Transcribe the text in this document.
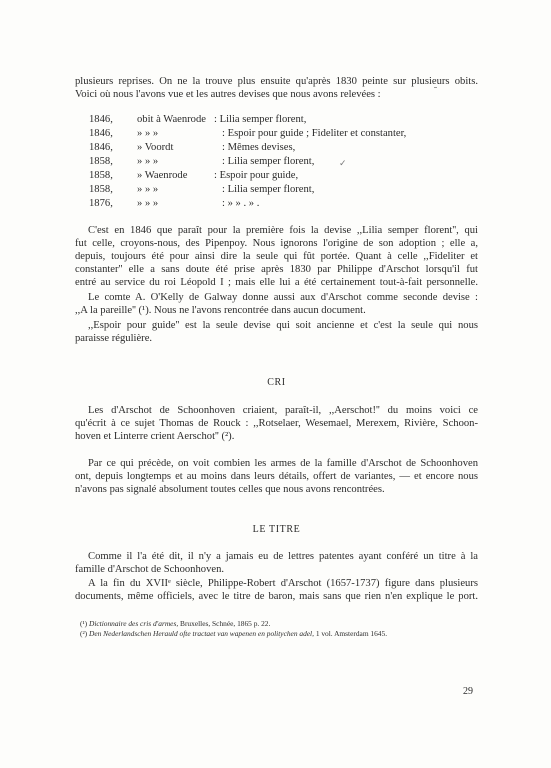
plusieurs reprises. On ne la trouve plus ensuite qu'après 1830 peinte sur plusieurs obits.
Voici où nous l'avons vue et les autres devises que nous avons relevées :
1846, obit à Waenrode : Lilia semper florent,
1846, » » »	: Espoir pour guide ; Fideliter et constanter,
1846, » Voordt	: Mêmes devises,
1858, » » »	: Lilia semper florent,
1858, » Waenrode	: Espoir pour guide,
1858, » » »	: Lilia semper florent,
1876, » » »	: » » . » .
✓
C'est en 1846 que paraît pour la première fois la devise ,,Lilia semper florent'', qui
fut celle, croyons-nous, des Pipenpoy. Nous ignorons l'origine de son adoption ; elle a,
depuis, toujours été pour ainsi dire la seule qui fût portée. Quant à celle ,,Fideliter et
constanter'' elle a sans doute été prise après 1830 par Philippe d'Arschot lorsqu'il fut
entré au service du roi Léopold I ; mais elle lui a été certainement tout-à-fait personnelle.
Le comte A. O'Kelly de Galway donne aussi aux d'Arschot comme seconde devise :
,,A la pareille'' (¹). Nous ne l'avons rencontrée dans aucun document.
,,Espoir pour guide'' est la seule devise qui soit ancienne et c'est la seule qui nous
paraisse régulière.
CRI
Les d'Arschot de Schoonhoven criaient, paraît-il, ,,Aerschot!'' du moins voici ce
qu'écrit à ce sujet Thomas de Rouck : ,,Rotselaer, Wesemael, Merexem, Rivière, Schoon-
hoven et Linterre crient Aerschot'' (²).
Par ce qui précède, on voit combien les armes de la famille d'Arschot de Schoonhoven
ont, depuis longtemps et au moins dans leurs détails, offert de variantes, — et encore nous
n'avons pas signalé absolument toutes celles que nous avons rencontrées.
LE TITRE
Comme il l'a été dit, il n'y a jamais eu de lettres patentes ayant conféré un titre à la
famille d'Arschot de Schoonhoven.
A la fin du XVIIᵉ siècle, Philippe-Robert d'Arschot (1657-1737) figure dans plusieurs
documents, même officiels, avec le titre de baron, mais sans que rien n'en explique le port.
(¹) Dictionnaire des cris d'armes, Bruxelles, Schnée, 1865 p. 22.
(²) Den Nederlandschen Herauld ofte tractaet van wapenen en politychen adel, 1 vol. Amsterdam 1645.
29
